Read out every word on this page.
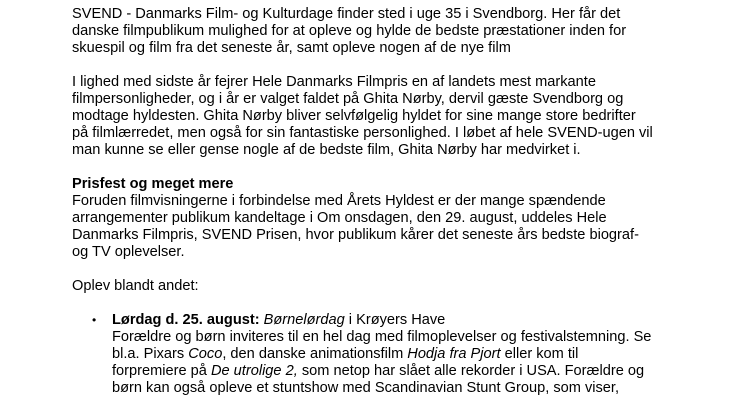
SVEND - Danmarks Film- og Kulturdage finder sted i uge 35 i Svendborg. Her får det

danske filmpublikum mulighed for at opleve og hylde de bedste præstationer inden for

skuespil og film fra det seneste år, samt opleve nogen af de nye film

I lighed med sidste år fejrer Hele Danmarks Filmpris en af landets mest markante

filmpersonligheder, og i år er valget faldet på Ghita Nørby, dervil gæste Svendborg og

modtage hyldesten. Ghita Nørby bliver selvfølgelig hyldet for sine mange store bedrifter

på filmlærredet, men også for sin fantastiske personlighed. I løbet af hele SVEND-ugen vil

man kunne se eller gense nogle af de bedste film, Ghita Nørby har medvirket i.

Prisfest og meget mere

Foruden filmvisningerne i forbindelse med Årets Hyldest er der mange spændende

arrangementer publikum kandeltage i Om onsdagen, den 29. august, uddeles Hele

Danmarks Filmpris, SVEND Prisen, hvor publikum kårer det seneste års bedste biograf-

og TV oplevelser.

Oplev blandt andet:

•	Lørdag d. 25. august: Børnelørdag i Krøyers Have

Forældre og børn inviteres til en hel dag med filmoplevelser og festivalstemning. Se

bl.a. Pixars Coco, den danske animationsfilm Hodja fra Pjort eller kom til

forpremiere på De utrolige 2, som netop har slået alle rekorder i USA. Forældre og

børn kan også opleve et stuntshow med Scandinavian Stunt Group, som viser,
